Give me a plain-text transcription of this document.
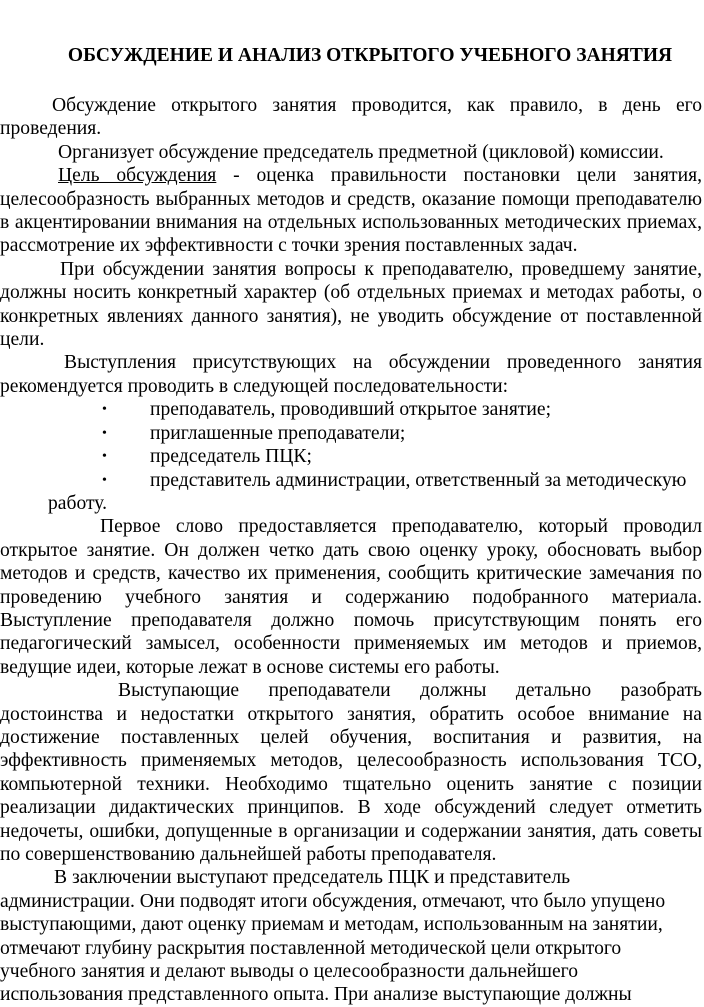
ОБСУЖДЕНИЕ И АНАЛИЗ ОТКРЫТОГО УЧЕБНОГО ЗАНЯТИЯ

Обсуждение открытого занятия проводится, как правило, в день его проведения.

Организует обсуждение председатель предметной (цикловой) комиссии.

Цель обсуждения - оценка правильности постановки цели занятия, целесообразность выбранных методов и средств, оказание помощи преподавателю в акцентировании внимания на отдельных использованных методических приемах, рассмотрение их эффективности с точки зрения поставленных задач.

При обсуждении занятия вопросы к преподавателю, проведшему занятие, должны носить конкретный характер (об отдельных приемах и методах работы, о конкретных явлениях данного занятия), не уводить обсуждение от поставленной цели.

Выступления присутствующих на обсуждении проведенного занятия рекомендуется проводить в следующей последовательности:

• преподаватель, проводивший открытое занятие;
• приглашенные преподаватели;
• председатель ПЦК;
• представитель администрации, ответственный за методическую
работу.

Первое слово предоставляется преподавателю, который проводил открытое занятие. Он должен четко дать свою оценку уроку, обосновать выбор методов и средств, качество их применения, сообщить критические замечания по проведению учебного занятия и содержанию подобранного материала. Выступление преподавателя должно помочь присутствующим понять его педагогический замысел, особенности применяемых им методов и приемов, ведущие идеи, которые лежат в основе системы его работы.

Выступающие преподаватели должны детально разобрать достоинства и недостатки открытого занятия, обратить особое внимание на достижение поставленных целей обучения, воспитания и развития, на эффективность применяемых методов, целесообразность использования ТСО, компьютерной техники. Необходимо тщательно оценить занятие с позиции реализации дидактических принципов. В ходе обсуждений следует отметить недочеты, ошибки, допущенные в организации и содержании занятия, дать советы по совершенствованию дальнейшей работы преподавателя.

В заключении выступают председатель ПЦК и представитель
администрации. Они подводят итоги обсуждения, отмечают, что было упущено
выступающими, дают оценку приемам и методам, использованным на занятии,
отмечают глубину раскрытия поставленной методической цели открытого
учебного занятия и делают выводы о целесообразности дальнейшего
использования представленного опыта. При анализе выступающие должны
